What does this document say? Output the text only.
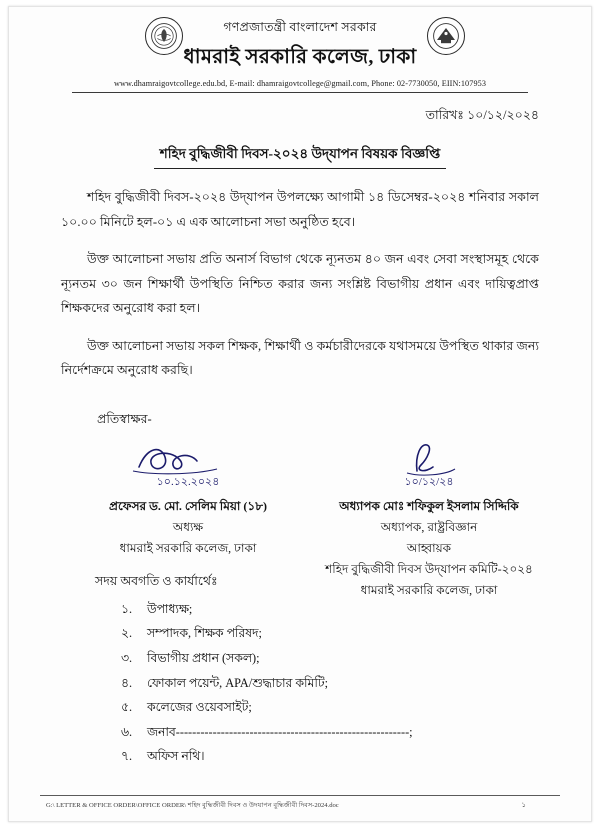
গণপ্রজাতন্ত্রী বাংলাদেশ সরকার
ধামরাই সরকারি কলেজ, ঢাকা
www.dhamraigovtcollege.edu.bd, E-mail: dhamraigovtcollege@gmail.com, Phone: 02-7730050, EIIN:107953
তারিখঃ ১০/১২/২০২৪
শহিদ বুদ্ধিজীবী দিবস-২০২৪ উদ্‌যাপন বিষয়ক বিজ্ঞপ্তি

শহিদ বুদ্ধিজীবী দিবস-২০২৪ উদ্‌যাপন উপলক্ষ্যে আগামী ১৪ ডিসেম্বর-২০২৪ শনিবার সকাল ১০.০০ মিনিটে হল-০১ এ এক আলোচনা সভা অনুষ্ঠিত হবে।

উক্ত আলোচনা সভায় প্রতি অনার্স বিভাগ থেকে ন্যূনতম ৪০ জন এবং সেবা সংস্থাসমূহ থেকে ন্যূনতম ৩০ জন শিক্ষার্থী উপস্থিতি নিশ্চিত করার জন্য সংশ্লিষ্ট বিভাগীয় প্রধান এবং দায়িত্বপ্রাপ্ত শিক্ষকদের অনুরোধ করা হল।

উক্ত আলোচনা সভায় সকল শিক্ষক, শিক্ষার্থী ও কর্মচারীদেরকে যথাসময়ে উপস্থিত থাকার জন্য নির্দেশক্রমে অনুরোধ করছি।

প্রতিস্বাক্ষর-
১০.১২.২০২৪
প্রফেসর ড. মো. সেলিম মিয়া (১৮)
অধ্যক্ষ
ধামরাই সরকারি কলেজ, ঢাকা
১০/১২/২৪
অধ্যাপক মোঃ শফিকুল ইসলাম সিদ্দিকি
অধ্যাপক, রাষ্ট্রবিজ্ঞান
আহ্বায়ক
শহিদ বুদ্ধিজীবী দিবস উদ্‌যাপন কমিটি-২০২৪
ধামরাই সরকারি কলেজ, ঢাকা
সদয় অবগতি ও কার্যার্থেঃ
১.	উপাধ্যক্ষ;
২.	সম্পাদক, শিক্ষক পরিষদ;
৩.	বিভাগীয় প্রধান (সকল);
৪.	ফোকাল পয়েন্ট, APA/শুদ্ধাচার কমিটি;
৫.	কলেজের ওয়েবসাইট;
৬.	জনাব---------------------------------------------------------;
৭.	অফিস নথি।
G:\ LETTER & OFFICE ORDER\OFFICE ORDER\ শহিদ বুদ্ধিজীবী দিবস ও উদযাপন বুদ্ধিজীবী দিবস-2024.doc	১
